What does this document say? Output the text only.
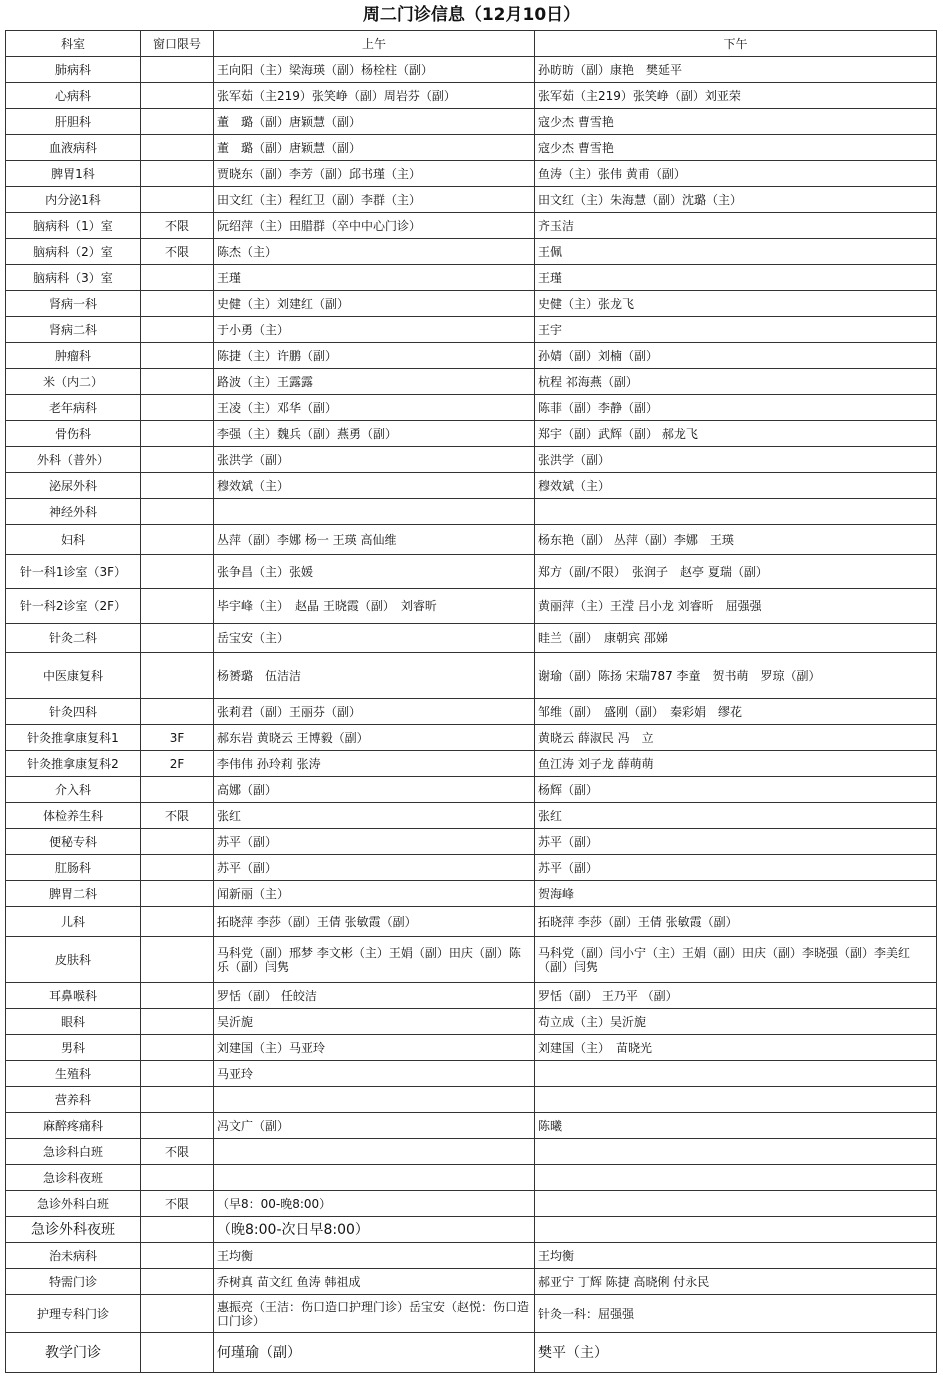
周二门诊信息（12月10日）
科室	窗口限号	上午	下午
肺病科		王向阳（主）梁海瑛（副）杨栓柱（副）	孙昉昉（副）康艳　樊延平
心病科		张军茹（主219）张笑峥（副）周岩芬（副）	张军茹（主219）张笑峥（副）刘亚荣
肝胆科		董　璐（副）唐颖慧（副）	寇少杰 曹雪艳
血液病科		董　璐（副）唐颖慧（副）	寇少杰 曹雪艳
脾胃1科		贾晓东（副）李芳（副）邱书瑾（主）	鱼涛（主）张伟 黄甫（副）
内分泌1科		田文红（主）程红卫（副）李群（主）	田文红（主）朱海慧（副）沈璐（主）
脑病科（1）室	不限	阮绍萍（主）田腊群（卒中中心门诊）	齐玉洁
脑病科（2）室	不限	陈杰（主）	王佩
脑病科（3）室		王瑾	王瑾
肾病一科		史健（主）刘建红（副）	史健（主）张龙飞
肾病二科		于小勇（主）	王宇
肿瘤科		陈捷（主）许鹏（副）	孙婧（副）刘楠（副）
米（内二）		路波（主）王露露	杭程 祁海燕（副）
老年病科		王凌（主）邓华（副）	陈菲（副）李静（副）
骨伤科		李强（主）魏兵（副）燕勇（副）	郑宇（副）武辉（副） 郝龙飞
外科（普外）		张洪学（副）	张洪学（副）
泌尿外科		穆效斌（主）	穆效斌（主）
神经外科			
妇科		丛萍（副）李娜 杨一 王瑛 高仙维	杨东艳（副） 丛萍（副）李娜　王瑛
针一科1诊室（3F）		张争昌（主）张媛	郑方（副/不限）　张润子　赵亭 夏瑞（副）
针一科2诊室（2F）		毕宇峰（主）　赵晶 王晓霞（副）　刘睿昕	黄丽萍（主）王滢 吕小龙 刘睿昕　屈强强
针灸二科		岳宝安（主）	眭兰（副）　康朝宾 邵娣
中医康复科		杨赟璐　伍洁洁	谢瑜（副）陈扬 宋瑞787 李童　贺书萌　罗琼（副）
针灸四科		张莉君（副）王丽芬（副）	邹维（副）　盛刚（副）　秦彩娟　缪花
针灸推拿康复科1	3F	郝东岩 黄晓云 王博毅（副）	黄晓云 薛淑民 冯　立
针灸推拿康复科2	2F	李伟伟 孙玲莉 张涛	鱼江涛 刘子龙 薛萌萌
介入科		高娜（副）	杨辉（副）
体检养生科	不限	张红	张红
便秘专科		苏平（副）	苏平（副）
肛肠科		苏平（副）	苏平（副）
脾胃二科		闻新丽（主）	贺海峰
儿科		拓晓萍 李莎（副）王倩 张敏霞（副）	拓晓萍 李莎（副）王倩 张敏霞（副）
皮肤科		马科党（副）邢梦 李文彬（主）王娟（副）田庆（副）陈乐（副）闫隽	马科党（副）闫小宁（主）王娟（副）田庆（副）李晓强（副）李美红（副）闫隽
耳鼻喉科		罗恬（副） 任皎洁	罗恬（副） 王乃平 （副）
眼科		吴沂旎	苟立成（主）吴沂旎
男科		刘建国（主）马亚玲	刘建国（主）　苗晓光
生殖科		马亚玲	
营养科			
麻醉疼痛科		冯文广（副）	陈曦
急诊科白班	不限		
急诊科夜班			
急诊外科白班	不限	（早8：00-晚8:00）	
急诊外科夜班		（晚8:00-次日早8:00）	
治未病科		王均衡	王均衡
特需门诊		乔树真 苗文红 鱼涛 韩祖成	郝亚宁 丁辉 陈捷 高晓俐 付永民
护理专科门诊		惠振亮（王洁：伤口造口护理门诊）岳宝安（赵悦：伤口造口门诊）	针灸一科：屈强强
教学门诊		何瑾瑜（副）	樊平（主）
